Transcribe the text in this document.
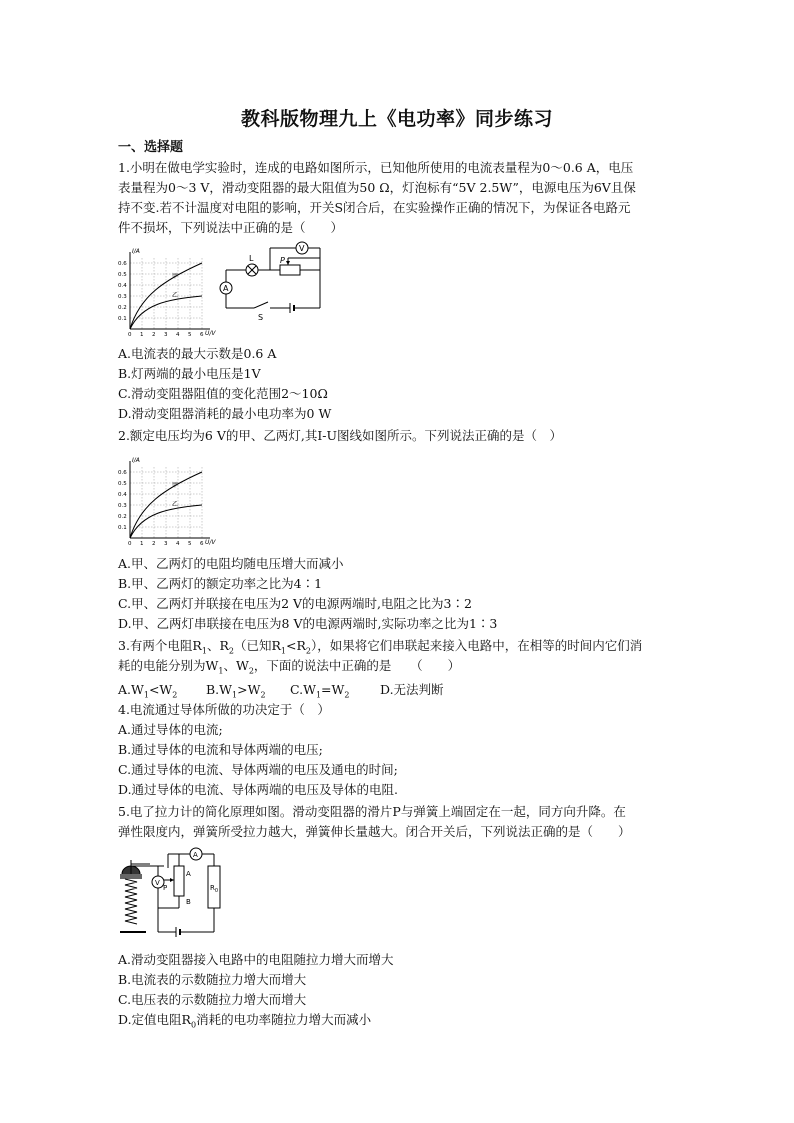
教科版物理九上《电功率》同步练习
一、选择题
1.小明在做电学实验时，连成的电路如图所示，已知他所使用的电流表量程为0～0.6 A，电压
表量程为0～3 V，滑动变阻器的最大阻值为50 Ω，灯泡标有“5V 2.5W”，电源电压为6V且保
持不变.若不计温度对电阻的影响，开关S闭合后，在实验操作正确的情况下，为保证各电路元
件不损坏，下列说法中正确的是（　　）
I/A
U/V
0.6
0.5
0.4
0.3
0.2
0.1
0 1 2 3 4 5 6
甲
乙
L
V
P
A
S
A.电流表的最大示数是0.6 A
B.灯两端的最小电压是1V
C.滑动变阻器阻值的变化范围2～10Ω
D.滑动变阻器消耗的最小电功率为0 W
2.额定电压均为6 V的甲、乙两灯,其I-U图线如图所示。下列说法正确的是（　）
I/A
U/V
0.6
0.5
0.4
0.3
0.2
0.1
0 1 2 3 4 5 6
甲
乙
A.甲、乙两灯的电阻均随电压增大而减小
B.甲、乙两灯的额定功率之比为4∶1
C.甲、乙两灯并联接在电压为2 V的电源两端时,电阻之比为3∶2
D.甲、乙两灯串联接在电压为8 V的电源两端时,实际功率之比为1∶3
3.有两个电阻$R_1$、$R_2$（已知$R_1<R_2$），如果将它们串联起来接入电路中，在相等的时间内它们消
耗的电能分别为$W_1$、$W_2$，下面的说法中正确的是　　（　　）
$A.W_1<W_2$ $B.W_1>W_2$ $C.W_1=W_2$ D.无法判断
4.电流通过导体所做的功决定于（　）
A.通过导体的电流;
B.通过导体的电流和导体两端的电压;
C.通过导体的电流、导体两端的电压及通电的时间;
D.通过导体的电流、导体两端的电压及导体的电阻.
5.电了拉力计的简化原理如图。滑动变阻器的滑片P与弹簧上端固定在一起，同方向升降。在
弹性限度内，弹簧所受拉力越大，弹簧伸长量越大。闭合开关后，下列说法正确的是（　　）
A
V
P
A
B
$R_0$
A.滑动变阻器接入电路中的电阻随拉力增大而增大
B.电流表的示数随拉力增大而增大
C.电压表的示数随拉力增大而增大
D.定值电阻$R_0$消耗的电功率随拉力增大而减小
